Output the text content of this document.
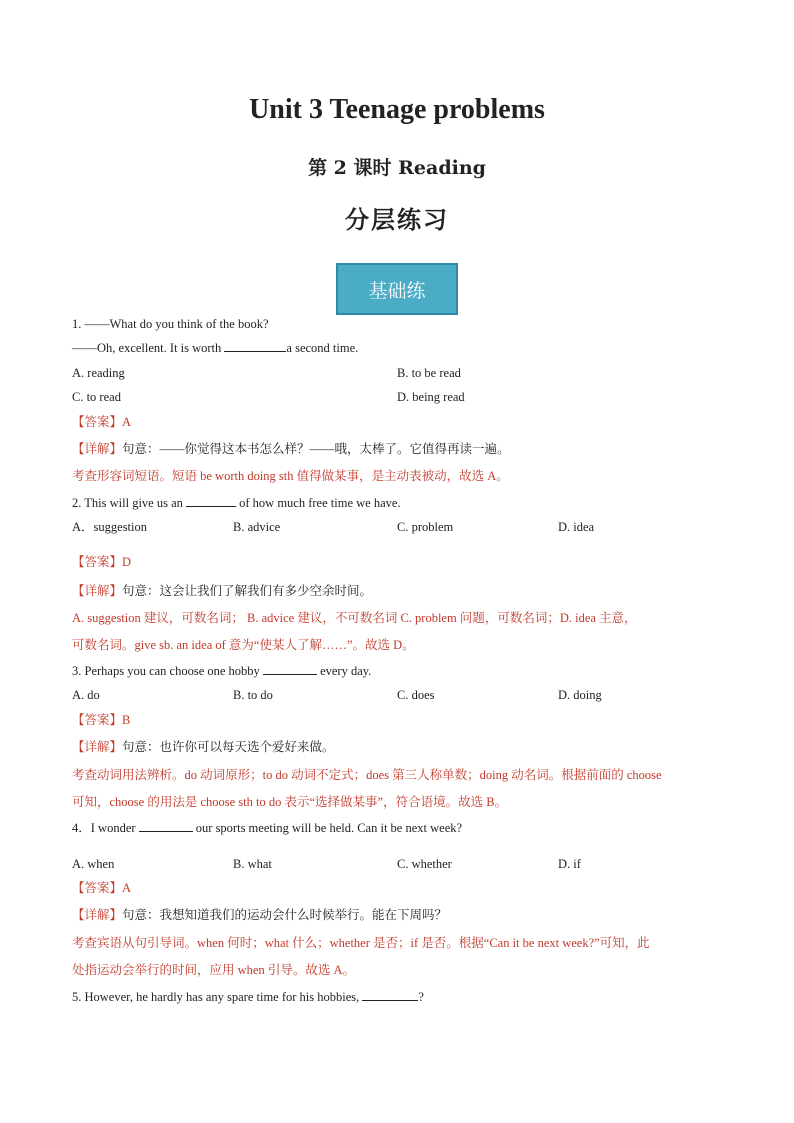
Unit 3 Teenage problems
第 2 课时 Reading
分层练习
基础练
1. ——What do you think of the book?
——Oh, excellent. It is worth	a second time.
A. reading	B. to be read
C. to read	D. being read
【答案】A
【详解】句意：——你觉得这本书怎么样？——哦，太棒了。它值得再读一遍。
考查形容词短语。短语 be worth doing sth 值得做某事，是主动表被动，故选 A。
2. This will give us an	of how much free time we have.
A．suggestion	B. advice	C. problem	D. idea
【答案】D
【详解】句意：这会让我们了解我们有多少空余时间。
A. suggestion 建议，可数名词； B. advice 建议，不可数名词 C. problem 问题，可数名词；D. idea 主意，
可数名词。give sb. an idea of 意为“使某人了解……”。故选 D。
3. Perhaps you can choose one hobby	every day.
A. do	B. to do	C. does	D. doing
【答案】B
【详解】句意：也许你可以每天选个爱好来做。
考查动词用法辨析。do 动词原形；to do 动词不定式；does 第三人称单数；doing 动名词。根据前面的 choose
可知，choose 的用法是 choose sth to do 表示“选择做某事”，符合语境。故选 B。
4．I wonder	our sports meeting will be held. Can it be next week?
A. when	B. what	C. whether	D. if
【答案】A
【详解】句意：我想知道我们的运动会什么时候举行。能在下周吗？
考查宾语从句引导词。when 何时；what 什么；whether 是否；if 是否。根据“Can it be next week?”可知，此
处指运动会举行的时间，应用 when 引导。故选 A。
5. However, he hardly has any spare time for his hobbies,	?
